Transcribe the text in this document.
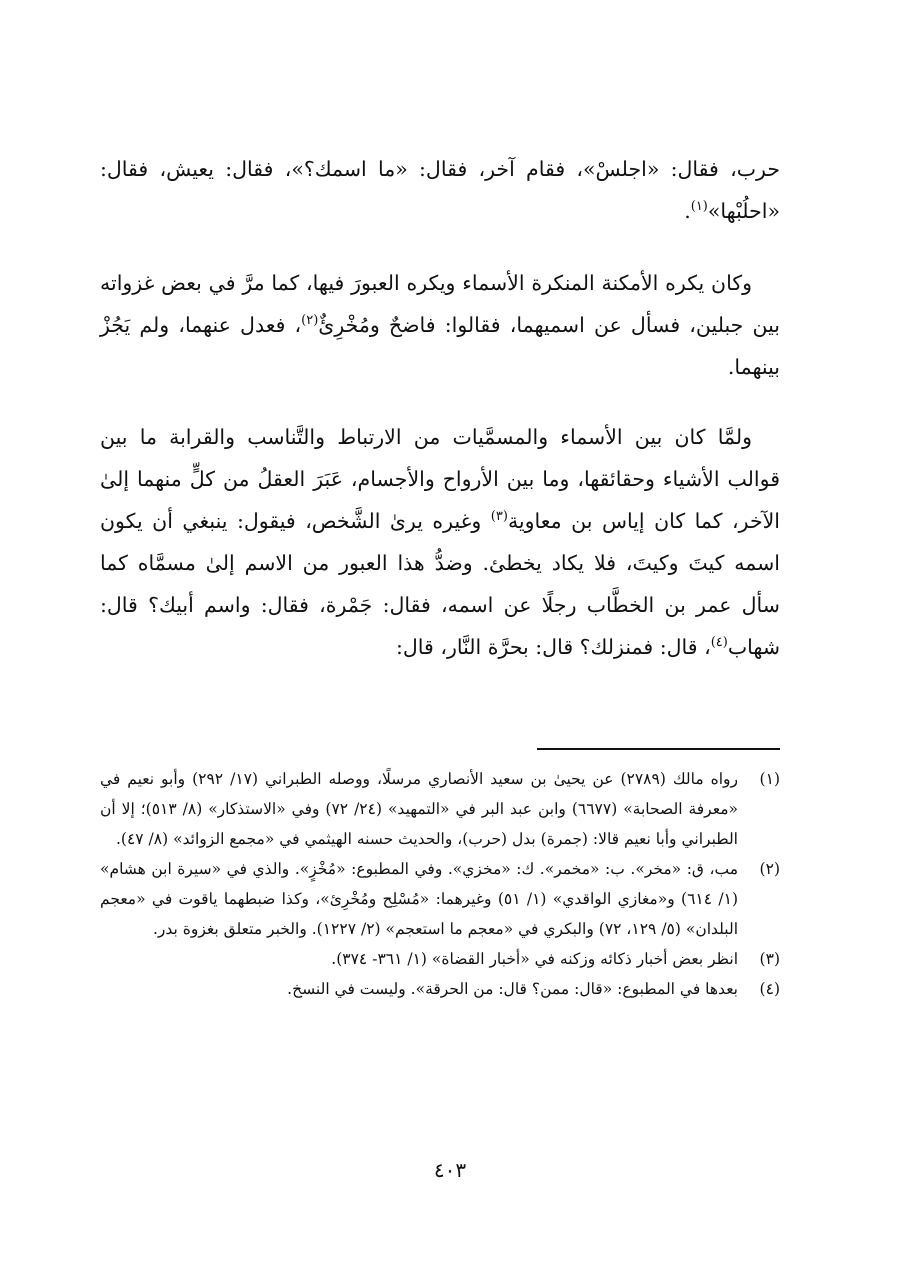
حرب، فقال: «اجلسْ»، فقام آخر، فقال: «ما اسمك؟»، فقال: يعيش، فقال: «احلُبْها»$^{(١)}$.

وكان يكره الأمكنة المنكرة الأسماء ويكره العبورَ فيها، كما مرَّ في بعض غزواته بين جبلين، فسأل عن اسميهما، فقالوا: فاضحٌ ومُخْرِئٌ$^{(٢)}$، فعدل عنهما، ولم يَجُزْ بينهما.

ولمَّا كان بين الأسماء والمسمَّيات من الارتباط والتَّناسب والقرابة ما بين قوالب الأشياء وحقائقها، وما بين الأرواح والأجسام، عَبَرَ العقلُ من كلٍّ منهما إلىٰ الآخر، كما كان إياس بن معاوية$^{(٣)}$ وغيره يرىٰ الشَّخص، فيقول: ينبغي أن يكون اسمه كيتَ وكيتَ، فلا يكاد يخطئ. وضدُّ هذا العبور من الاسم إلىٰ مسمَّاه كما سأل عمر بن الخطَّاب رجلًا عن اسمه، فقال: جَمْرة، فقال: واسم أبيك؟ قال: شهاب$^{(٤)}$، قال: فمنزلك؟ قال: بحرَّة النَّار، قال:

(١)
رواه مالك (٢٧٨٩) عن يحيىٰ بن سعيد الأنصاري مرسلًا، ووصله الطبراني (١٧/ ٢٩٢) وأبو نعيم في «معرفة الصحابة» (٦٦٧٧) وابن عبد البر في «التمهيد» (٢٤/ ٧٢) وفي «الاستذكار» (٨/ ٥١٣)؛ إلا أن الطبراني وأبا نعيم قالا: (جمرة) بدل (حرب)، والحديث حسنه الهيثمي في «مجمع الزوائد» (٨/ ٤٧).
(٢)
مب، ق: «مخر». ب: «مخمر». ك: «مخزي». وفي المطبوع: «مُخْزٍ». والذي في «سيرة ابن هشام» (١/ ٦١٤) و«مغازي الواقدي» (١/ ٥١) وغيرهما: «مُسْلِح ومُخْرِئ»، وكذا ضبطهما ياقوت في «معجم البلدان» (٥/ ١٢٩، ٧٢) والبكري في «معجم ما استعجم» (٢/ ١٢٢٧). والخبر متعلق بغزوة بدر.
(٣)
انظر بعض أخبار ذكائه وزكنه في «أخبار القضاة» (١/ ٣٦١- ٣٧٤).
(٤)
بعدها في المطبوع: «قال: ممن؟ قال: من الحرقة». وليست في النسخ.
٤٠٣
